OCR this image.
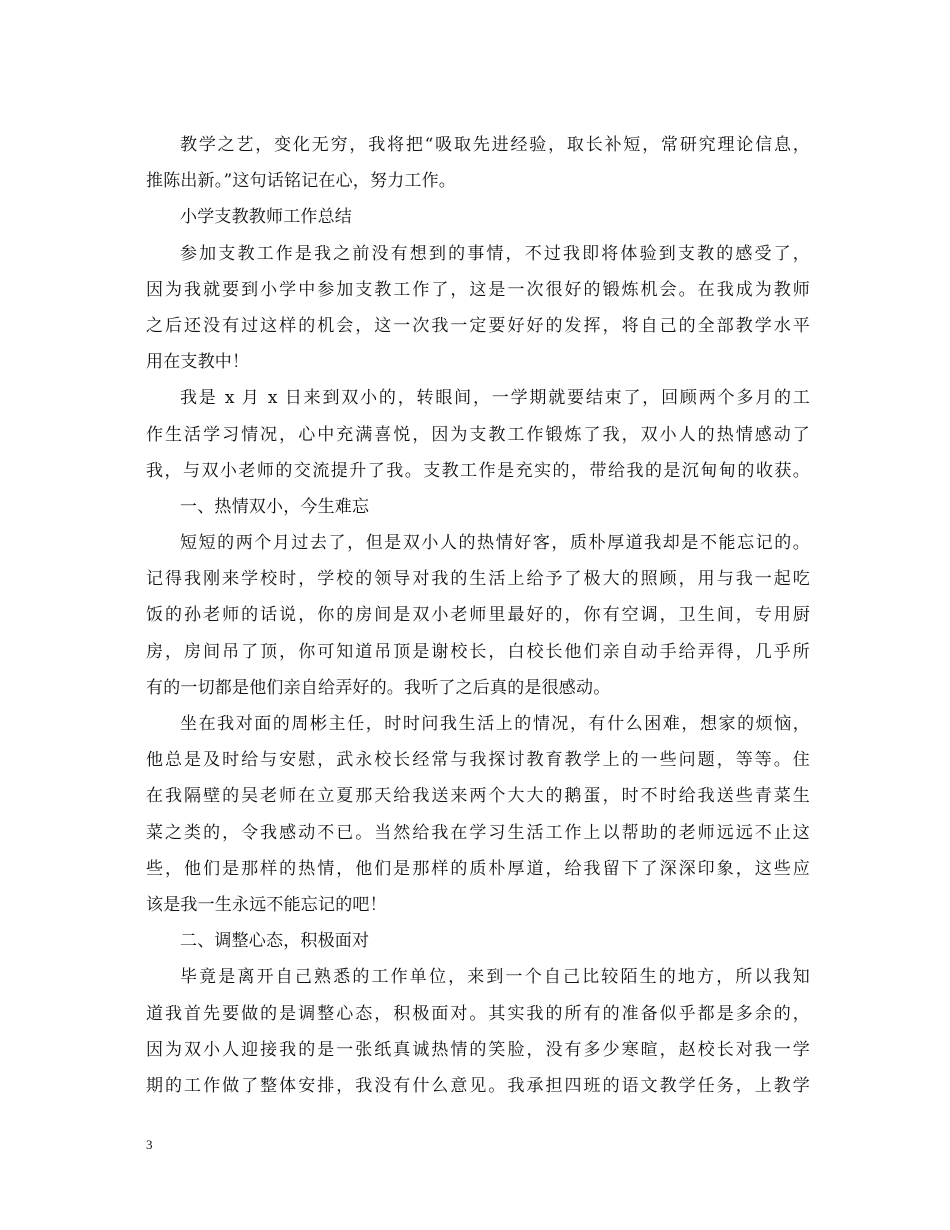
教学之艺，变化无穷，我将把“吸取先进经验，取长补短，常研究理论信息，
推陈出新。”这句话铭记在心，努力工作。
小学支教教师工作总结
参加支教工作是我之前没有想到的事情，不过我即将体验到支教的感受了，
因为我就要到小学中参加支教工作了，这是一次很好的锻炼机会。在我成为教师
之后还没有过这样的机会，这一次我一定要好好的发挥，将自己的全部教学水平
用在支教中！
我是 x 月 x 日来到双小的，转眼间，一学期就要结束了，回顾两个多月的工
作生活学习情况，心中充满喜悦，因为支教工作锻炼了我，双小人的热情感动了
我，与双小老师的交流提升了我。支教工作是充实的，带给我的是沉甸甸的收获。
一、热情双小，今生难忘
短短的两个月过去了，但是双小人的热情好客，质朴厚道我却是不能忘记的。
记得我刚来学校时，学校的领导对我的生活上给予了极大的照顾，用与我一起吃
饭的孙老师的话说，你的房间是双小老师里最好的，你有空调，卫生间，专用厨
房，房间吊了顶，你可知道吊顶是谢校长，白校长他们亲自动手给弄得，几乎所
有的一切都是他们亲自给弄好的。我听了之后真的是很感动。
坐在我对面的周彬主任，时时问我生活上的情况，有什么困难，想家的烦恼，
他总是及时给与安慰，武永校长经常与我探讨教育教学上的一些问题，等等。住
在我隔壁的吴老师在立夏那天给我送来两个大大的鹅蛋，时不时给我送些青菜生
菜之类的，令我感动不已。当然给我在学习生活工作上以帮助的老师远远不止这
些，他们是那样的热情，他们是那样的质朴厚道，给我留下了深深印象，这些应
该是我一生永远不能忘记的吧！
二、调整心态，积极面对
毕竟是离开自己熟悉的工作单位，来到一个自己比较陌生的地方，所以我知
道我首先要做的是调整心态，积极面对。其实我的所有的准备似乎都是多余的，
因为双小人迎接我的是一张纸真诚热情的笑脸，没有多少寒暄，赵校长对我一学
期的工作做了整体安排，我没有什么意见。我承担四班的语文教学任务，上教学
3
